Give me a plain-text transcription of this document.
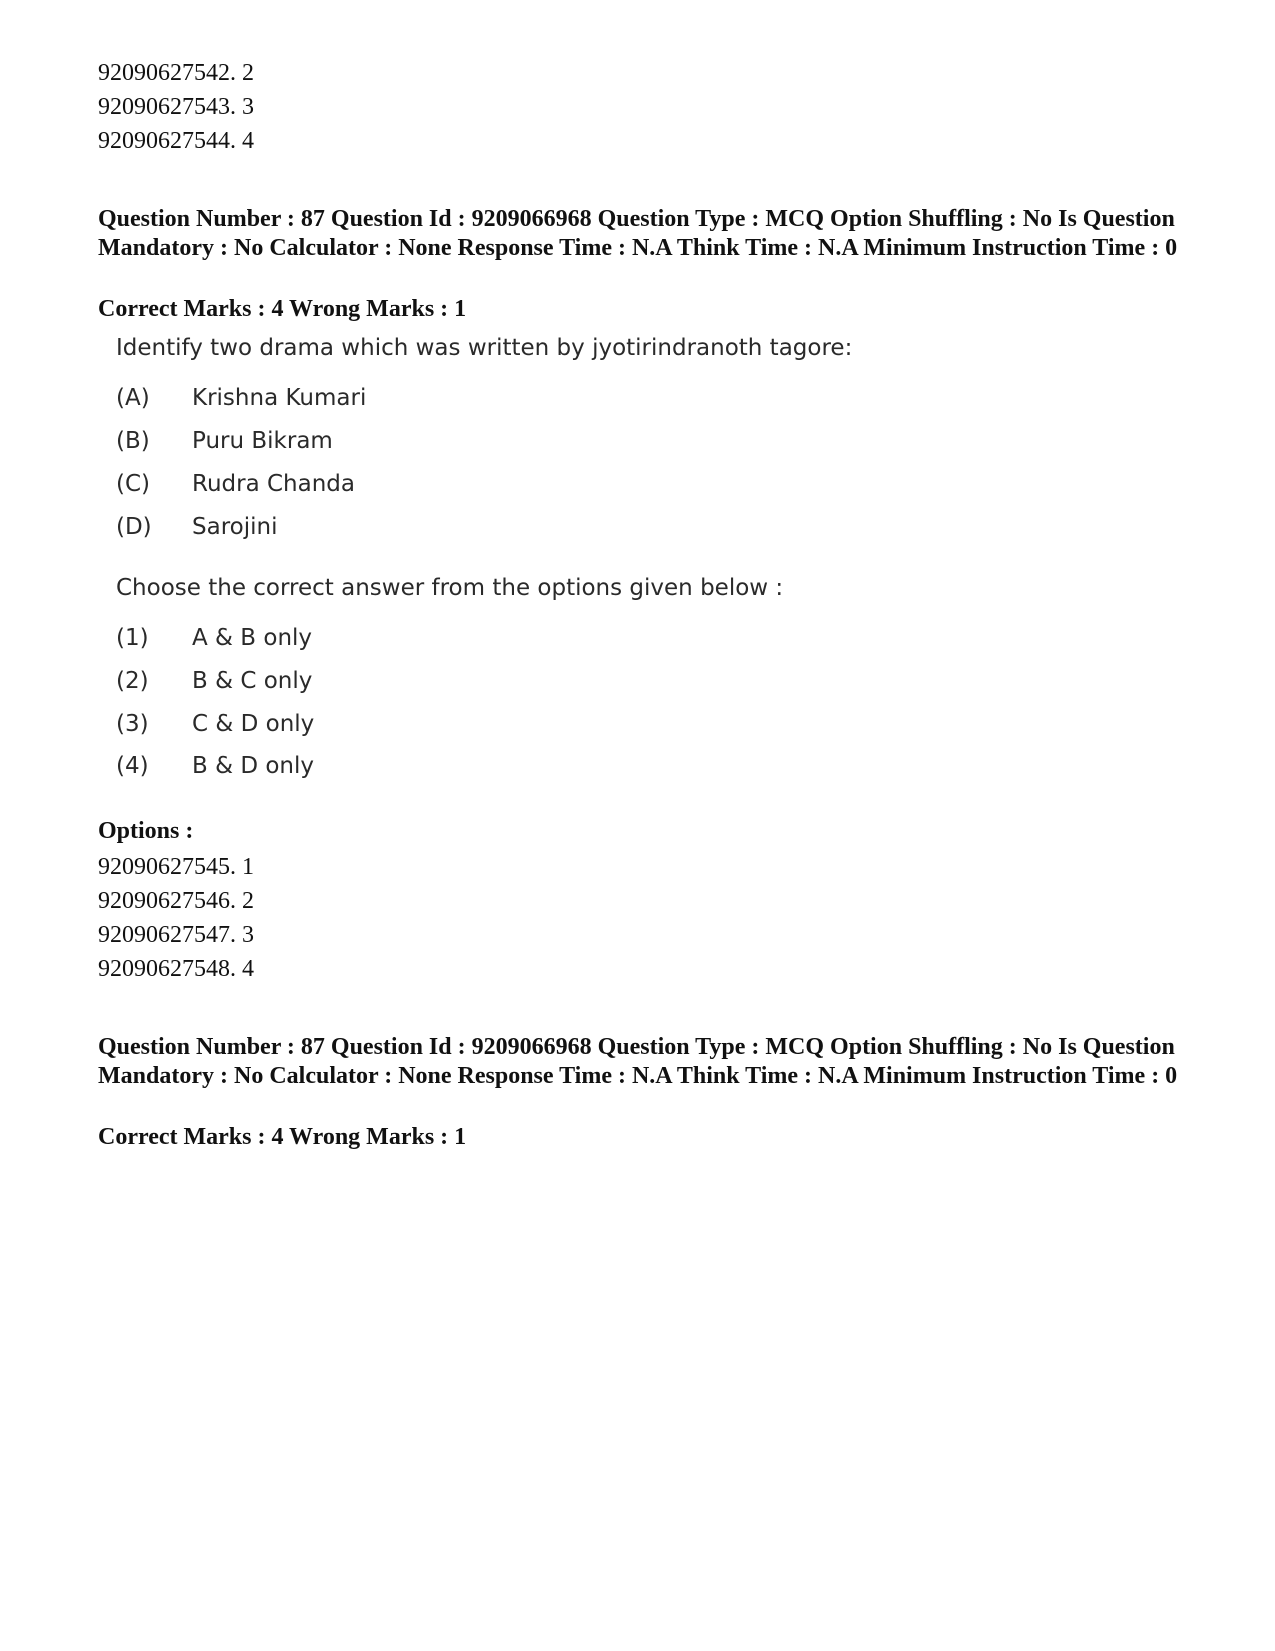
92090627542. 2

92090627543. 3

92090627544. 4

Question Number : 87 Question Id : 9209066968 Question Type : MCQ Option Shuffling : No Is Question Mandatory : No Calculator : None Response Time : N.A Think Time : N.A Minimum Instruction Time : 0

Correct Marks : 4 Wrong Marks : 1
Identify two drama which was written by jyotirindranoth tagore:
(A) Krishna Kumari
(B) Puru Bikram
(C) Rudra Chanda
(D) Sarojini
Choose the correct answer from the options given below :
(1) A & B only
(2) B & C only
(3) C & D only
(4) B & D only
Options :

92090627545. 1

92090627546. 2

92090627547. 3

92090627548. 4

Question Number : 87 Question Id : 9209066968 Question Type : MCQ Option Shuffling : No Is Question Mandatory : No Calculator : None Response Time : N.A Think Time : N.A Minimum Instruction Time : 0

Correct Marks : 4 Wrong Marks : 1
